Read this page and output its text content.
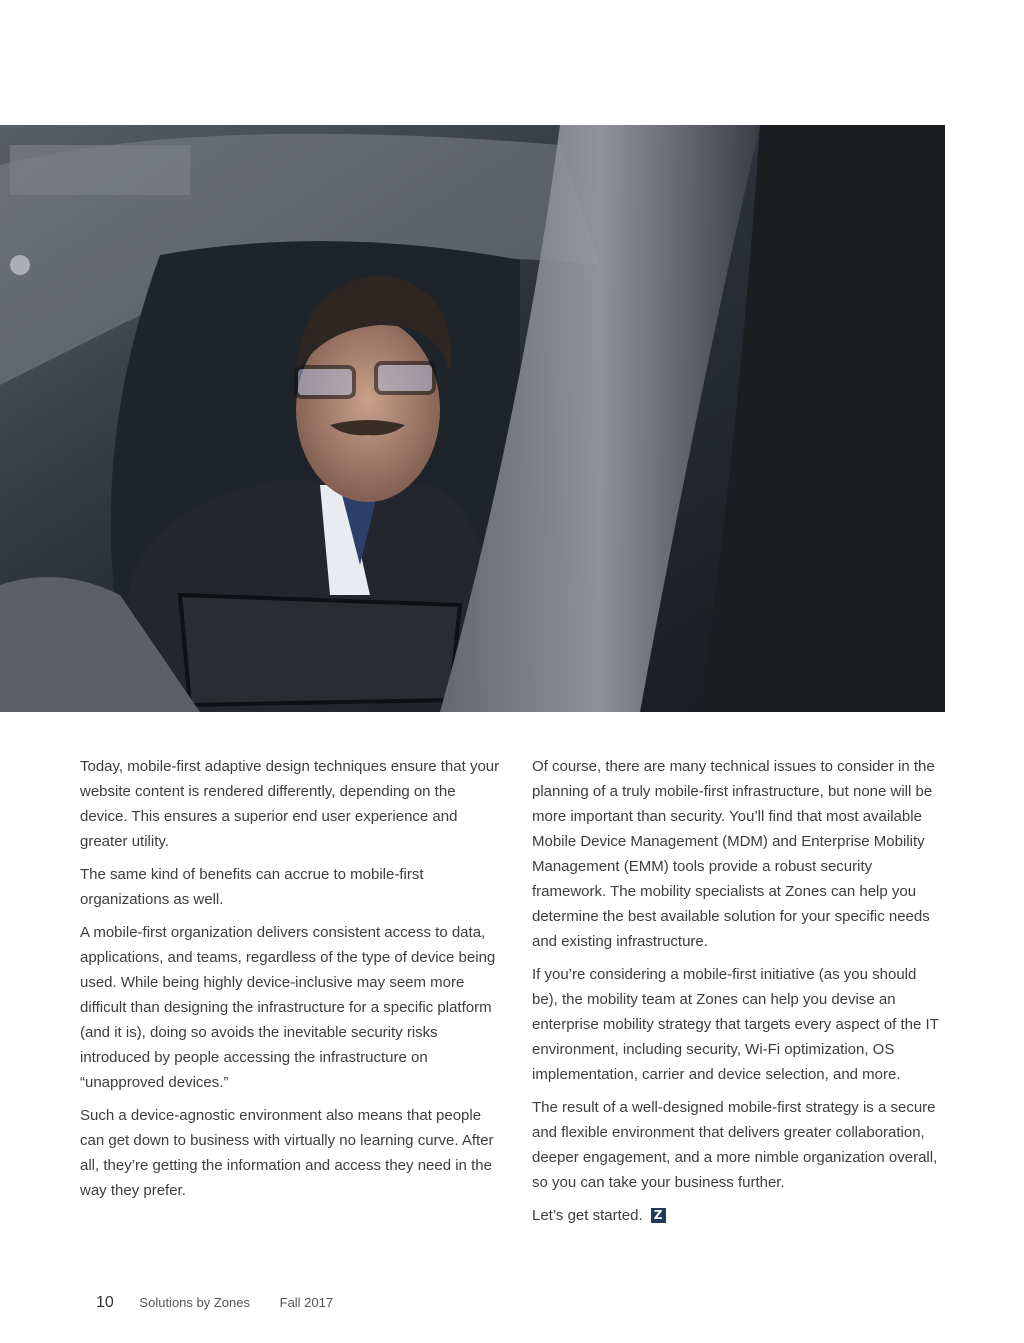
Today, mobile-first adaptive design techniques ensure that your website content is rendered differently, depending on the device. This ensures a superior end user experience and greater utility.

The same kind of benefits can accrue to mobile-first organizations as well.

A mobile-first organization delivers consistent access to data, applications, and teams, regardless of the type of device being used. While being highly device-inclusive may seem more difficult than designing the infrastructure for a specific platform (and it is), doing so avoids the inevitable security risks introduced by people accessing the infrastructure on “unapproved devices.”

Such a device-agnostic environment also means that people can get down to business with virtually no learning curve. After all, they’re getting the information and access they need in the way they prefer.

Of course, there are many technical issues to consider in the planning of a truly mobile-first infrastructure, but none will be more important than security. You’ll find that most available Mobile Device Management (MDM) and Enterprise Mobility Management (EMM) tools provide a robust security framework. The mobility specialists at Zones can help you determine the best available solution for your specific needs and existing infrastructure.

If you’re considering a mobile-first initiative (as you should be), the mobility team at Zones can help you devise an enterprise mobility strategy that targets every aspect of the IT environment, including security, Wi-Fi optimization, OS implementation, carrier and device selection, and more.

The result of a well-designed mobile-first strategy is a secure and flexible environment that delivers greater collaboration, deeper engagement, and a more nimble organization overall, so you can take your business further.

Let’s get started. Z

10 Solutions by Zones Fall 2017
